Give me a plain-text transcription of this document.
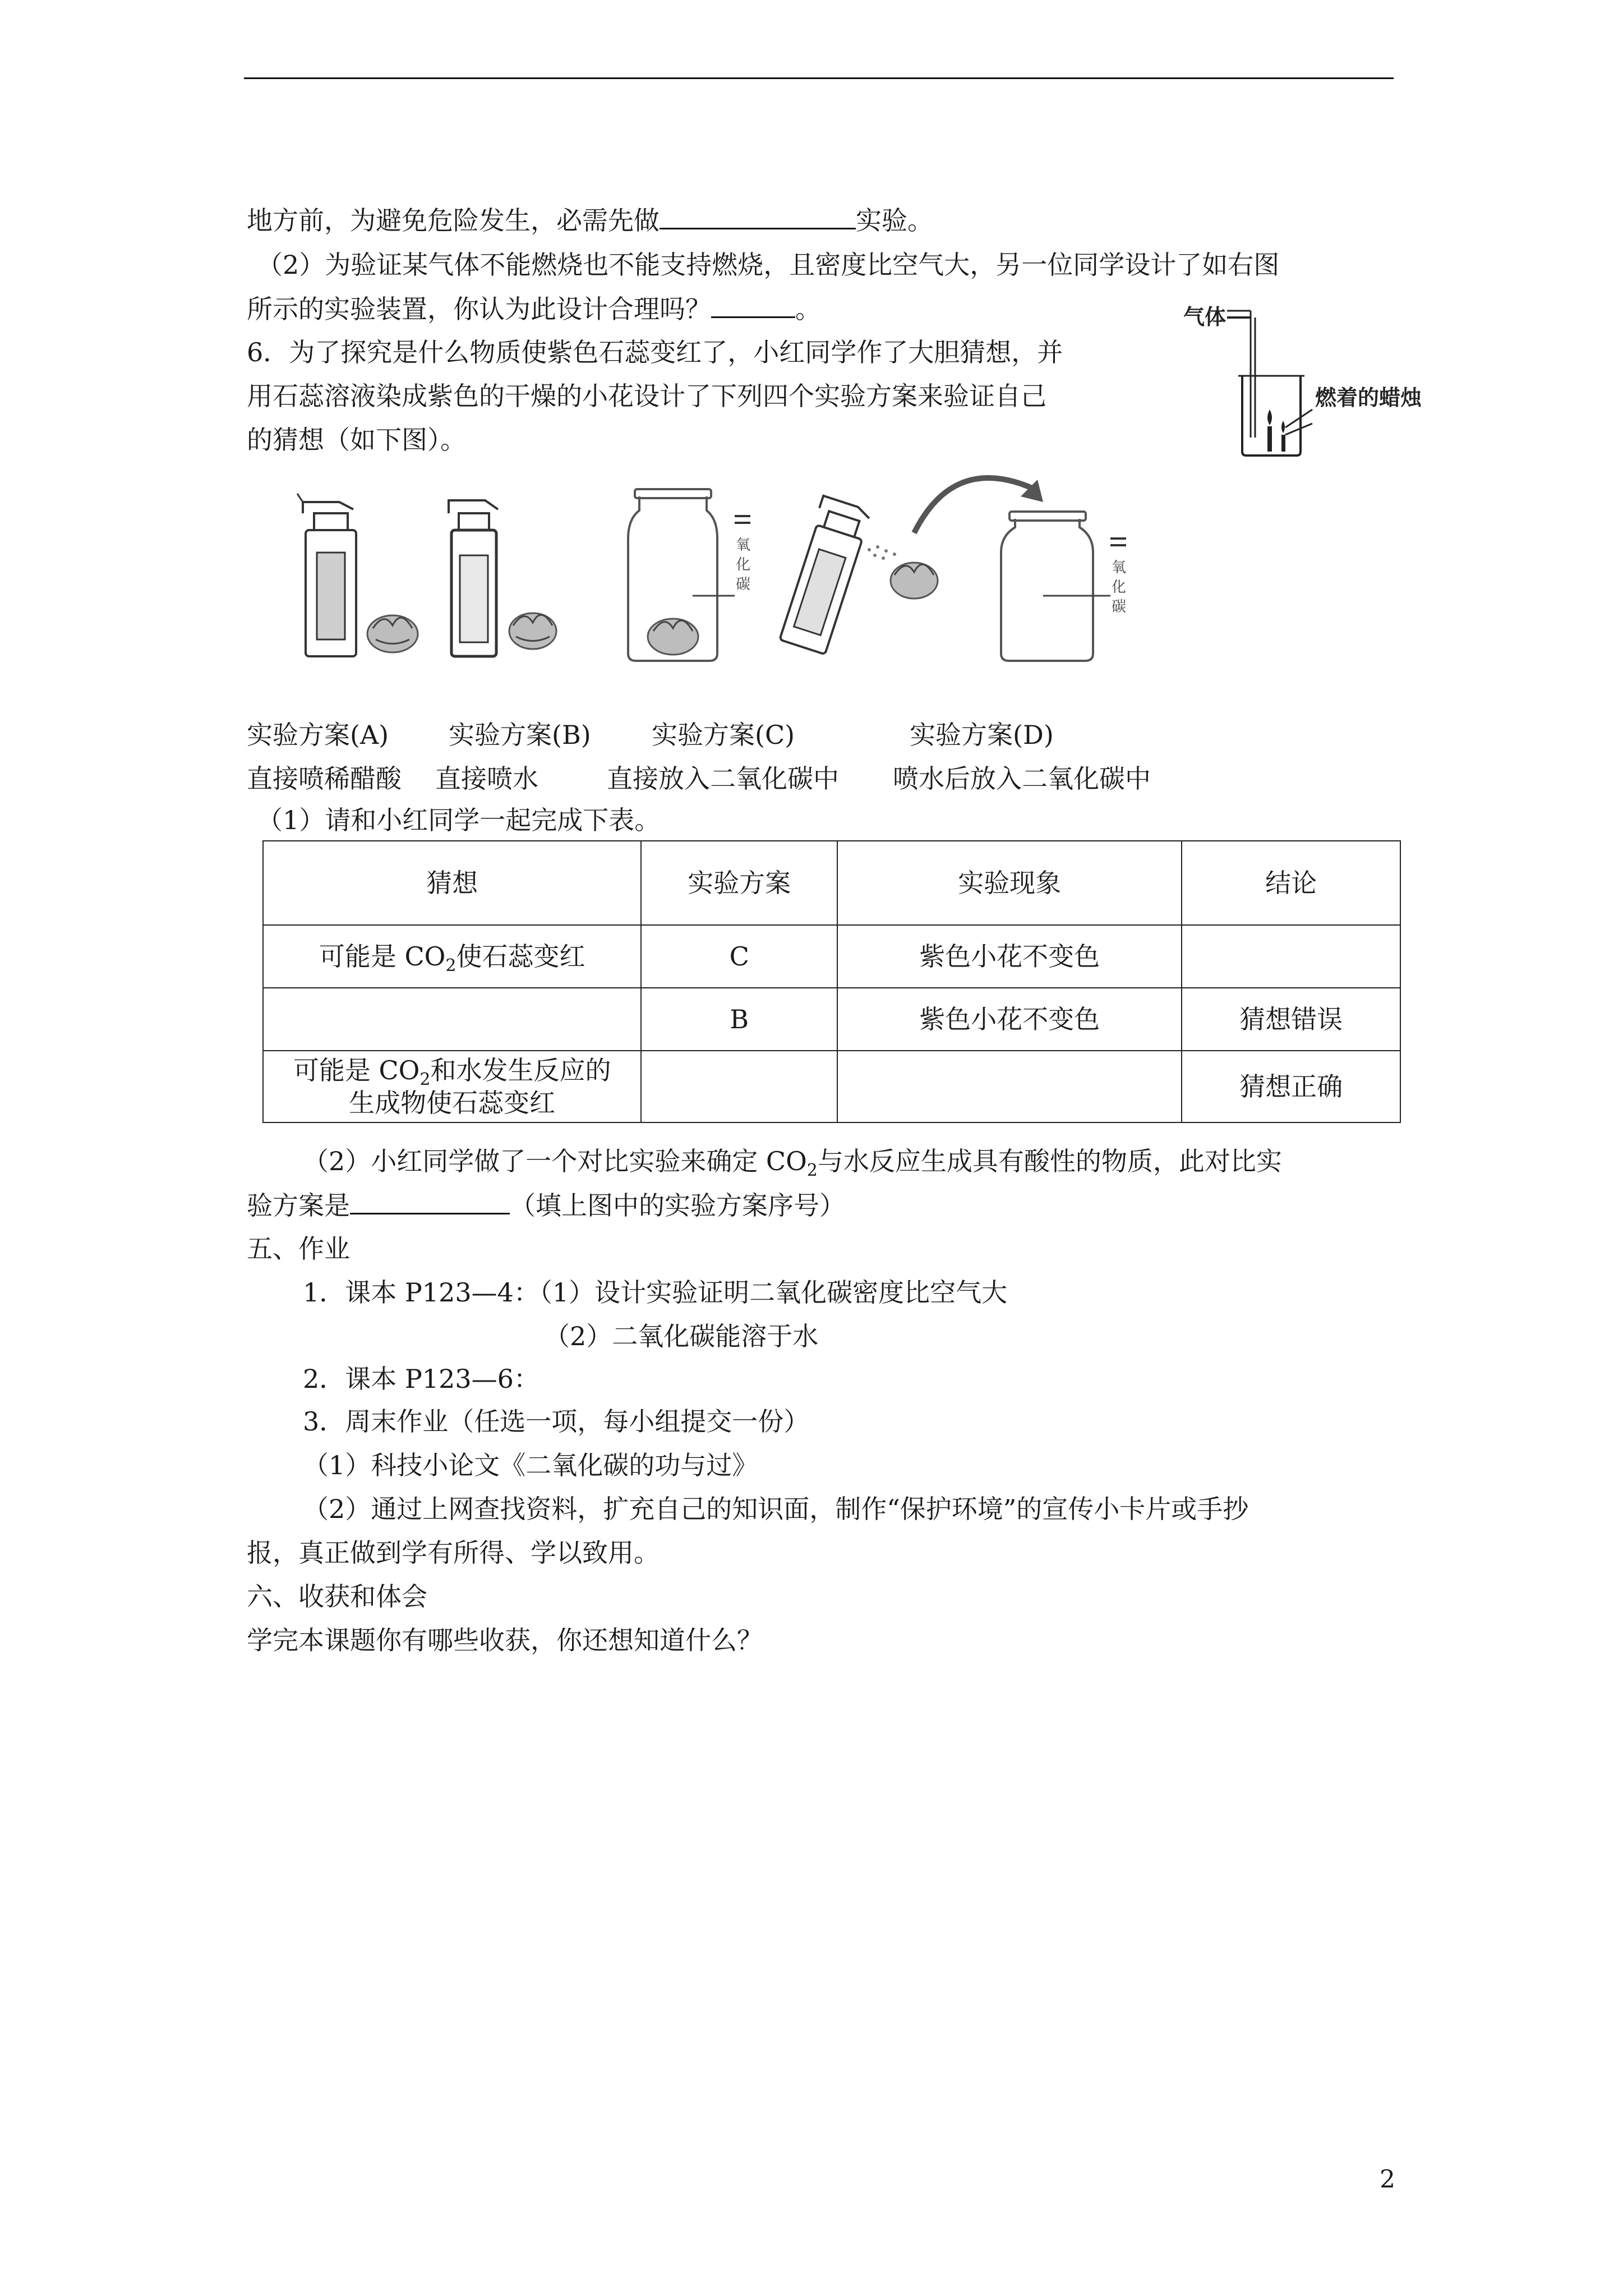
地方前，为避免危险发生，必需先做	实验。
（2）为验证某气体不能燃烧也不能支持燃烧，且密度比空气大，另一位同学设计了如右图
所示的实验装置，你认为此设计合理吗？	。
6．为了探究是什么物质使紫色石蕊变红了，小红同学作了大胆猜想，并
用石蕊溶液染成紫色的干燥的小花设计了下列四个实验方案来验证自己
的猜想（如下图）。
气体
燃着的蜡烛
氧
化
碳
氧
化
碳
实验方案(A) 实验方案(B) 实验方案(C)	实验方案(D)
直接喷稀醋酸 直接喷水	直接放入二氧化碳中 喷水后放入二氧化碳中
（1）请和小红同学一起完成下表。
猜想	实验方案	实验现象	结论
可能是 $CO_2$使石蕊变红	C	紫色小花不变色	
	B	紫色小花不变色	猜想错误
可能是 $CO_2$和水发生反应的
生成物使石蕊变红			猜想正确
（2）小红同学做了一个对比实验来确定 $CO_2$与水反应生成具有酸性的物质，此对比实
验方案是	（填上图中的实验方案序号）
五、作业
1．课本 P123—4：（1）设计实验证明二氧化碳密度比空气大
（2）二氧化碳能溶于水
2．课本 P123—6：
3．周末作业（任选一项，每小组提交一份）
（1）科技小论文《二氧化碳的功与过》
（2）通过上网查找资料，扩充自己的知识面，制作“保护环境”的宣传小卡片或手抄
报，真正做到学有所得、学以致用。
六、收获和体会
学完本课题你有哪些收获，你还想知道什么？
2
